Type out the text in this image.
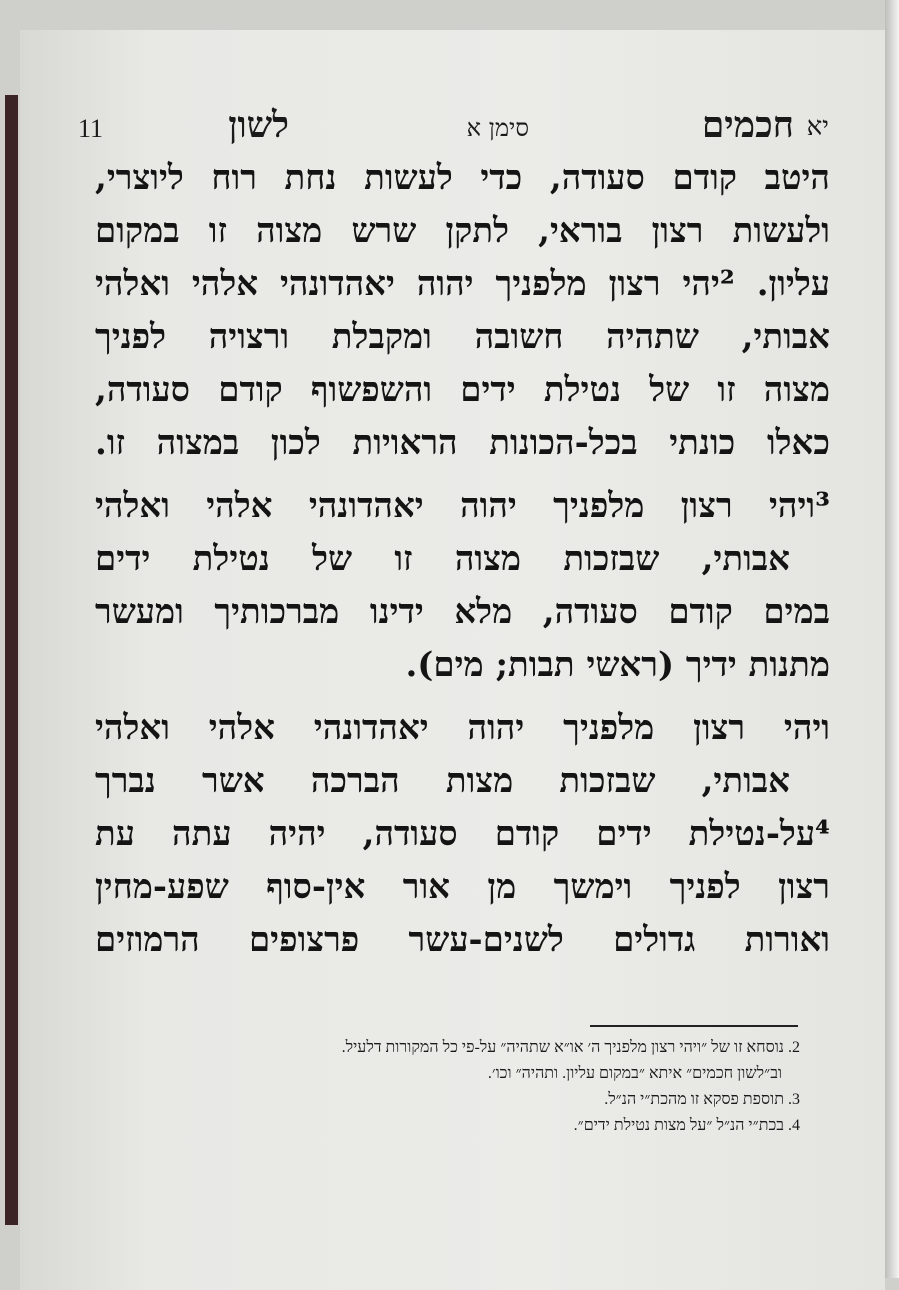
יא
חכמים
סימן א
לשון
11
היטב קודם סעודה, כדי לעשות נחת רוח ליוצרי,
ולעשות רצון בוראי, לתקן שרש מצוה זו במקום
עליון. ²יהי רצון מלפניך יהוה יאהדונהי אלהי ואלהי
אבותי, שתהיה חשובה ומקבלת ורצויה לפניך
מצוה זו של נטילת ידים והשפשוף קודם סעודה,
כאלו כונתי בכל-הכונות הראויות לכון במצוה זו.
³ויהי רצון מלפניך יהוה יאהדונהי אלהי ואלהי
אבותי, שבזכות מצוה זו של נטילת ידים
במים קודם סעודה, מלא ידינו מברכותיך ומעשר
מתנות ידיך (ראשי תבות; מים).
ויהי רצון מלפניך יהוה יאהדונהי אלהי ואלהי
אבותי, שבזכות מצות הברכה אשר נברך
⁴על-נטילת ידים קודם סעודה, יהיה עתה עת
רצון לפניך וימשך מן אור אין-סוף שפע-מחין
ואורות גדולים לשנים-עשר פרצופים הרמוזים
2. נוסחא זו של ״ויהי רצון מלפניך ה׳ או״א שתהיה״ על-פי כל המקורות דלעיל.
וב״לשון חכמים״ איתא ״במקום עליון. ותהיה״ וכו׳.
3. תוספת פסקא זו מהכת״י הנ״ל.
4. בכת״י הנ״ל ״על מצות נטילת ידים״.
